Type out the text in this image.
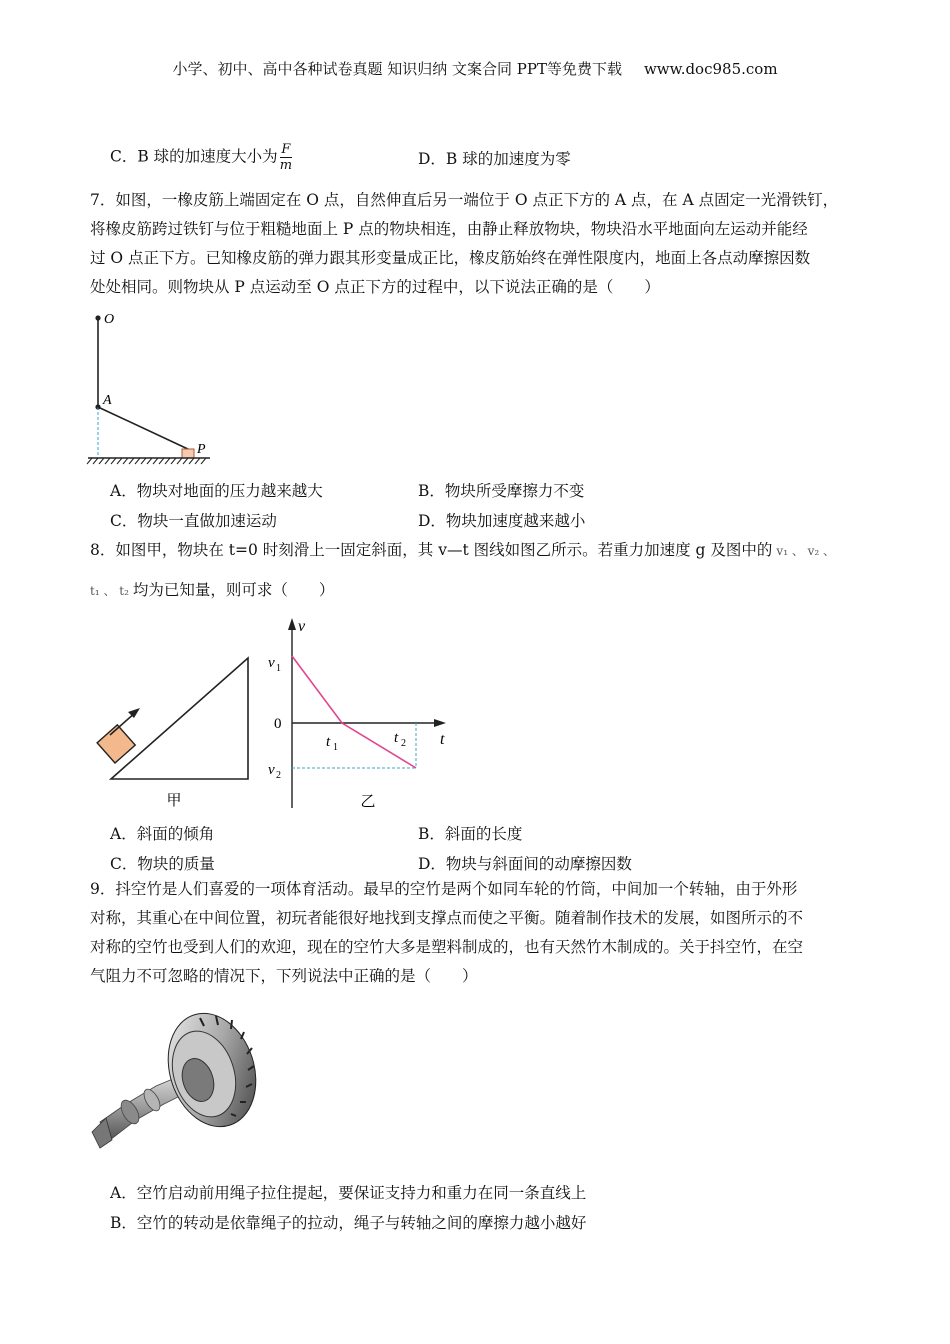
小学、初中、高中各种试卷真题 知识归纳 文案合同 PPT等免费下载 www.doc985.com
C．B 球的加速度大小为 $\frac{F}{m}$	D．B 球的加速度为零
7．如图，一橡皮筋上端固定在 O 点，自然伸直后另一端位于 O 点正下方的 A 点，在 A 点固定一光滑铁钉，
将橡皮筋跨过铁钉与位于粗糙地面上 P 点的物块相连，由静止释放物块，物块沿水平地面向左运动并能经
过 O 点正下方。已知橡皮筋的弹力跟其形变量成正比，橡皮筋始终在弹性限度内，地面上各点动摩擦因数
处处相同。则物块从 P 点运动至 O 点正下方的过程中，以下说法正确的是（　　）
O
A
P
A．物块对地面的压力越来越大	B．物块所受摩擦力不变
C．物块一直做加速运动	D．物块加速度越来越小
8．如图甲，物块在 t=0 时刻滑上一固定斜面，其 v—t 图线如图乙所示。若重力加速度 g 及图中的 v₁ 、 v₂ 、
t₁ 、 t₂ 均为已知量，则可求（　　）
甲
v
t
0
v 1
v 2
t 1
t 2
乙
A．斜面的倾角	B．斜面的长度
C．物块的质量	D．物块与斜面间的动摩擦因数
9．抖空竹是人们喜爱的一项体育活动。最早的空竹是两个如同车轮的竹筒，中间加一个转轴，由于外形
对称，其重心在中间位置，初玩者能很好地找到支撑点而使之平衡。随着制作技术的发展，如图所示的不
对称的空竹也受到人们的欢迎，现在的空竹大多是塑料制成的，也有天然竹木制成的。关于抖空竹，在空
气阻力不可忽略的情况下，下列说法中正确的是（　　）
A．空竹启动前用绳子拉住提起，要保证支持力和重力在同一条直线上
B．空竹的转动是依靠绳子的拉动，绳子与转轴之间的摩擦力越小越好
